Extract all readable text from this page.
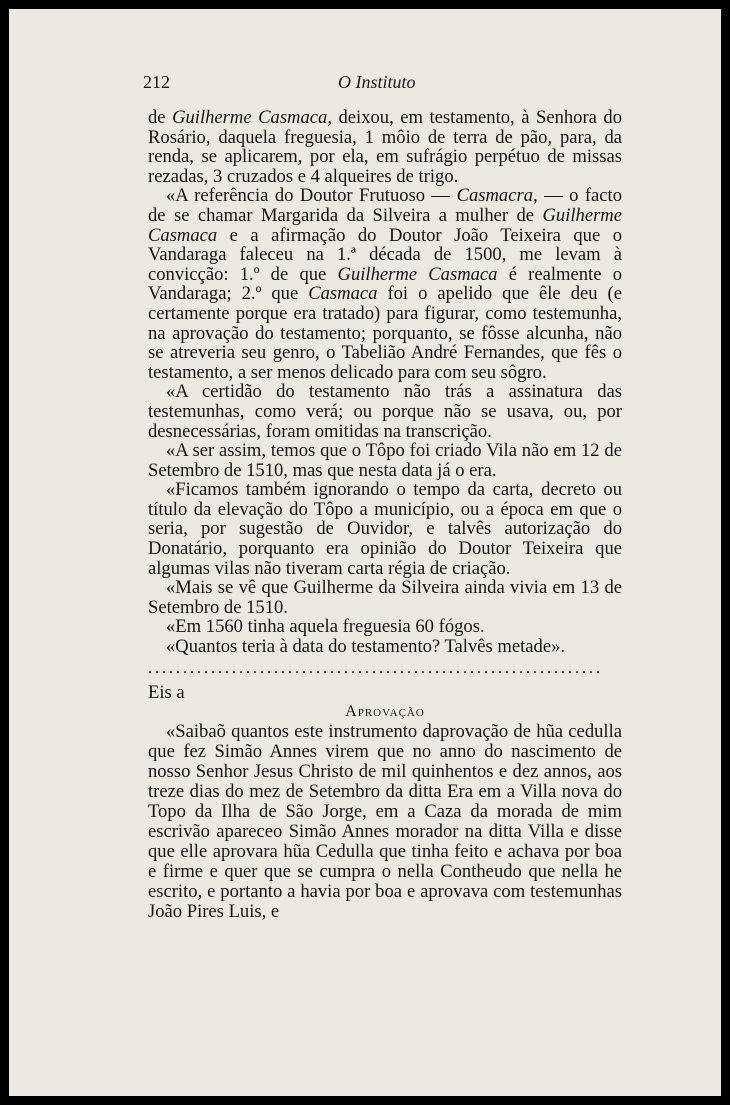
212	O Instituto

de Guilherme Casmaca, deixou, em testamento, à Senhora do Rosário, daquela freguesia, 1 môio de terra de pão, para, da renda, se aplicarem, por ela, em sufrágio perpétuo de missas rezadas, 3 cruzados e 4 alqueires de trigo.

«A referência do Doutor Frutuoso — Casmacra, — o facto de se chamar Margarida da Silveira a mulher de Guilherme Casmaca e a afirmação do Doutor João Teixeira que o Vandaraga faleceu na 1.ª década de 1500, me levam à convicção: 1.º de que Guilherme Casmaca é realmente o Vandaraga; 2.º que Casmaca foi o apelido que êle deu (e certamente porque era tratado) para figurar, como testemunha, na aprovação do testamento; porquanto, se fôsse alcunha, não se atreveria seu genro, o Tabelião André Fernandes, que fês o testamento, a ser menos delicado para com seu sôgro.

«A certidão do testamento não trás a assinatura das testemunhas, como verá; ou porque não se usava, ou, por desnecessárias, foram omitidas na transcrição.

«A ser assim, temos que o Tôpo foi criado Vila não em 12 de Setembro de 1510, mas que nesta data já o era.

«Ficamos também ignorando o tempo da carta, decreto ou título da elevação do Tôpo a município, ou a época em que o seria, por sugestão de Ouvidor, e talvês autorização do Donatário, porquanto era opinião do Doutor Teixeira que algumas vilas não tiveram carta régia de criação.

«Mais se vê que Guilherme da Silveira ainda vivia em 13 de Setembro de 1510.

«Em 1560 tinha aquela freguesia 60 fógos.

«Quantos teria à data do testamento? Talvês metade».

.................................................................

Eis a

Aprovação

«Saibaõ quantos este instrumento daprovação de hũa cedulla que fez Simão Annes virem que no anno do nascimento de nosso Senhor Jesus Christo de mil quinhentos e dez annos, aos treze dias do mez de Setembro da ditta Era em a Villa nova do Topo da Ilha de São Jorge, em a Caza da morada de mim escrivão apareceo Simão Annes morador na ditta Villa e disse que elle aprovara hũa Cedulla que tinha feito e achava por boa e firme e quer que se cumpra o nella Contheudo que nella he escrito, e portanto a havia por boa e aprovava com testemunhas João Pires Luis, e
